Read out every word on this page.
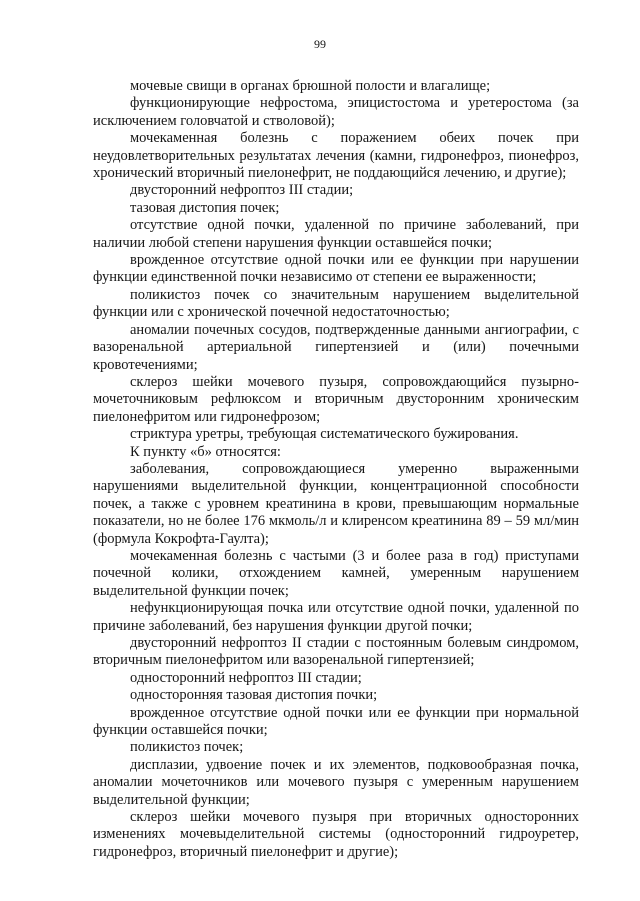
99

мочевые свищи в органах брюшной полости и влагалище;

функционирующие нефростома, эпицистостома и уретеростома (за исключением головчатой и стволовой);

мочекаменная болезнь с поражением обеих почек при неудовлетворительных результатах лечения (камни, гидронефроз, пионефроз, хронический вторичный пиелонефрит, не поддающийся лечению, и другие);

двусторонний нефроптоз III стадии;

тазовая дистопия почек;

отсутствие одной почки, удаленной по причине заболеваний, при наличии любой степени нарушения функции оставшейся почки;

врожденное отсутствие одной почки или ее функции при нарушении функции единственной почки независимо от степени ее выраженности;

поликистоз почек со значительным нарушением выделительной функции или с хронической почечной недостаточностью;

аномалии почечных сосудов, подтвержденные данными ангиографии, с вазоренальной артериальной гипертензией и (или) почечными кровотечениями;

склероз шейки мочевого пузыря, сопровождающийся пузырно-мочеточниковым рефлюксом и вторичным двусторонним хроническим пиелонефритом или гидронефрозом;

стриктура уретры, требующая систематического бужирования.

К пункту «б» относятся:

заболевания, сопровождающиеся умеренно выраженными нарушениями выделительной функции, концентрационной способности почек, а также с уровнем креатинина в крови, превышающим нормальные показатели, но не более 176 мкмоль/л и клиренсом креатинина 89 – 59 мл/мин (формула Кокрофта-Гаулта);

мочекаменная болезнь с частыми (3 и более раза в год) приступами почечной колики, отхождением камней, умеренным нарушением выделительной функции почек;

нефункционирующая почка или отсутствие одной почки, удаленной по причине заболеваний, без нарушения функции другой почки;

двусторонний нефроптоз II стадии с постоянным болевым синдромом, вторичным пиелонефритом или вазоренальной гипертензией;

односторонний нефроптоз III стадии;

односторонняя тазовая дистопия почки;

врожденное отсутствие одной почки или ее функции при нормальной функции оставшейся почки;

поликистоз почек;

дисплазии, удвоение почек и их элементов, подковообразная почка, аномалии мочеточников или мочевого пузыря с умеренным нарушением выделительной функции;

склероз шейки мочевого пузыря при вторичных односторонних изменениях мочевыделительной системы (односторонний гидроуретер, гидронефроз, вторичный пиелонефрит и другие);
